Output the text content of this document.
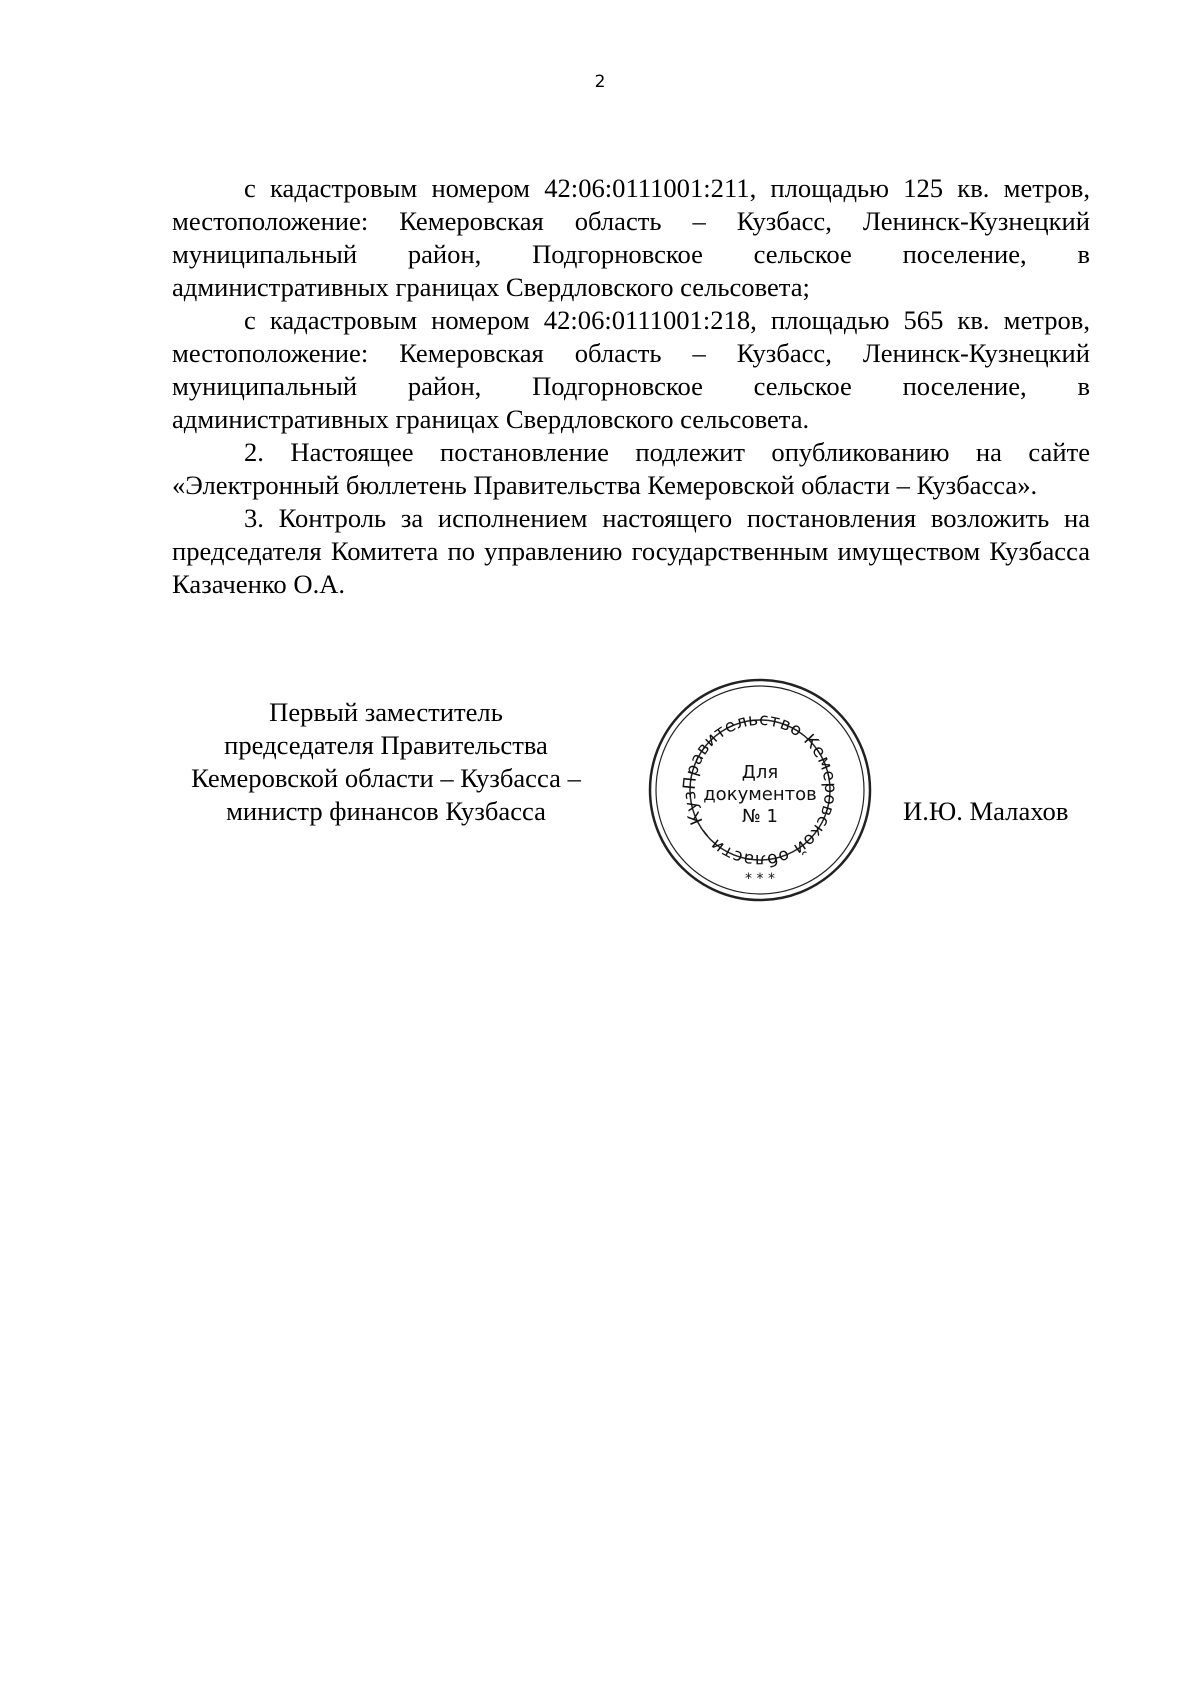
2

с кадастровым номером 42:06:0111001:211, площадью 125 кв. метров, местоположение: Кемеровская область – Кузбасс, Ленинск-Кузнецкий муниципальный район, Подгорновское сельское поселение, в административных границах Свердловского сельсовета;

с кадастровым номером 42:06:0111001:218, площадью 565 кв. метров, местоположение: Кемеровская область – Кузбасс, Ленинск-Кузнецкий муниципальный район, Подгорновское сельское поселение, в административных границах Свердловского сельсовета.

2. Настоящее постановление подлежит опубликованию на сайте «Электронный бюллетень Правительства Кемеровской области – Кузбасса».

3. Контроль за исполнением настоящего постановления возложить на председателя Комитета по управлению государственным имуществом Кузбасса Казаченко О.А.

Первый заместитель
председателя Правительства
Кемеровской области – Кузбасса –
министр финансов Кузбасса
Правительство Кемеровской области – Куз
Для
документов
№ 1
* * *
И.Ю. Малахов
